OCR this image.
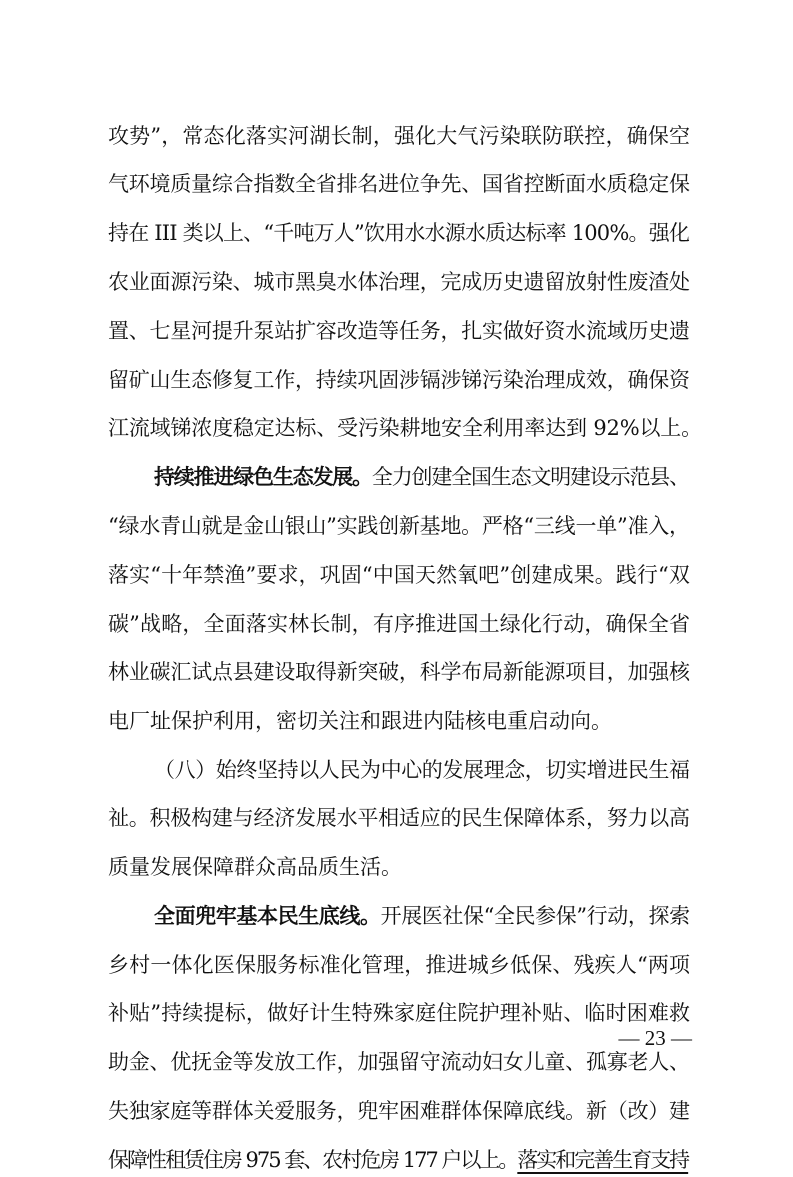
攻势”，常态化落实河湖长制，强化大气污染联防联控，确保空
气环境质量综合指数全省排名进位争先、国省控断面水质稳定保
持在 III 类以上、“千吨万人”饮用水水源水质达标率 100%。强化
农业面源污染、城市黑臭水体治理，完成历史遗留放射性废渣处
置、七星河提升泵站扩容改造等任务，扎实做好资水流域历史遗
留矿山生态修复工作，持续巩固涉镉涉锑污染治理成效，确保资
江流域锑浓度稳定达标、受污染耕地安全利用率达到 92%以上。
持续推进绿色生态发展。全力创建全国生态文明建设示范县、
“绿水青山就是金山银山”实践创新基地。严格“三线一单”准入，
落实“十年禁渔”要求，巩固“中国天然氧吧”创建成果。践行“双
碳”战略，全面落实林长制，有序推进国土绿化行动，确保全省
林业碳汇试点县建设取得新突破，科学布局新能源项目，加强核
电厂址保护利用，密切关注和跟进内陆核电重启动向。
（八）始终坚持以人民为中心的发展理念，切实增进民生福
祉。积极构建与经济发展水平相适应的民生保障体系，努力以高
质量发展保障群众高品质生活。
全面兜牢基本民生底线。开展医社保“全民参保”行动，探索
乡村一体化医保服务标准化管理，推进城乡低保、残疾人“两项
补贴”持续提标，做好计生特殊家庭住院护理补贴、临时困难救
助金、优抚金等发放工作，加强留守流动妇女儿童、孤寡老人、
失独家庭等群体关爱服务，兜牢困难群体保障底线。新（改）建
保障性租赁住房 975 套、农村危房 177 户以上。落实和完善生育支持
— 23 —
